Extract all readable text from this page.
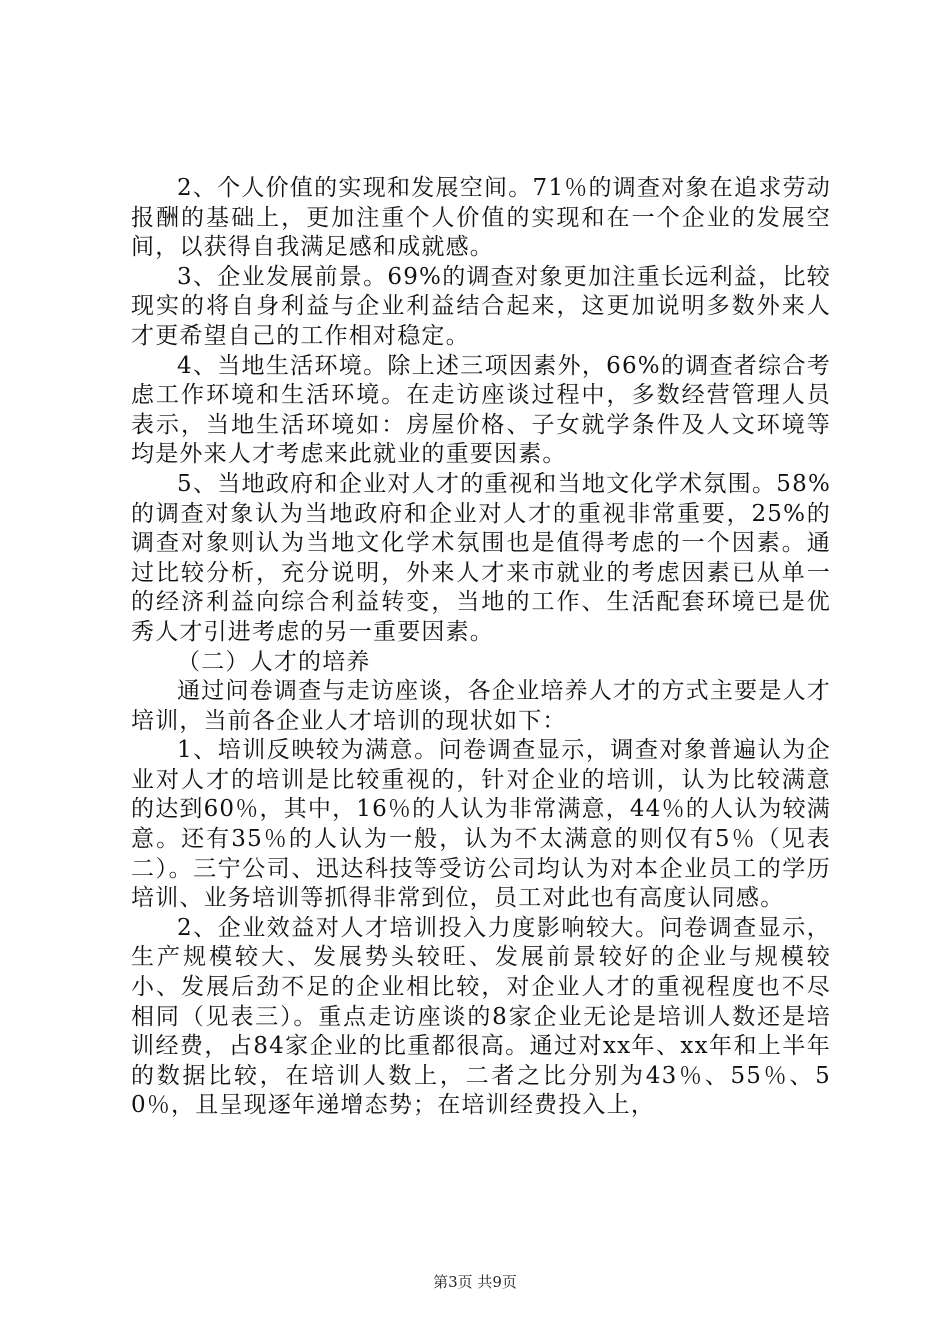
2、个人价值的实现和发展空间。71％的调查对象在追求劳动报酬的基础上，更加注重个人价值的实现和在一个企业的发展空间，以获得自我满足感和成就感。

3、企业发展前景。69%的调查对象更加注重长远利益，比较现实的将自身利益与企业利益结合起来，这更加说明多数外来人才更希望自己的工作相对稳定。

4、当地生活环境。除上述三项因素外，66%的调查者综合考虑工作环境和生活环境。在走访座谈过程中，多数经营管理人员表示，当地生活环境如：房屋价格、子女就学条件及人文环境等均是外来人才考虑来此就业的重要因素。

5、当地政府和企业对人才的重视和当地文化学术氛围。58%的调查对象认为当地政府和企业对人才的重视非常重要，25%的调查对象则认为当地文化学术氛围也是值得考虑的一个因素。通过比较分析，充分说明，外来人才来市就业的考虑因素已从单一的经济利益向综合利益转变，当地的工作、生活配套环境已是优秀人才引进考虑的另一重要因素。

（二）人才的培养

通过问卷调查与走访座谈，各企业培养人才的方式主要是人才培训，当前各企业人才培训的现状如下：

1、培训反映较为满意。问卷调查显示，调查对象普遍认为企业对人才的培训是比较重视的，针对企业的培训，认为比较满意的达到60％，其中，16％的人认为非常满意，44％的人认为较满意。还有35％的人认为一般，认为不太满意的则仅有5％（见表二）。三宁公司、迅达科技等受访公司均认为对本企业员工的学历培训、业务培训等抓得非常到位，员工对此也有高度认同感。

2、企业效益对人才培训投入力度影响较大。问卷调查显示，生产规模较大、发展势头较旺、发展前景较好的企业与规模较小、发展后劲不足的企业相比较，对企业人才的重视程度也不尽相同（见表三）。重点走访座谈的8家企业无论是培训人数还是培训经费，占84家企业的比重都很高。通过对xx年、xx年和上半年的数据比较，在培训人数上，二者之比分别为43％、55％、50％，且呈现逐年递增态势；在培训经费投入上，

第3页 共9页
